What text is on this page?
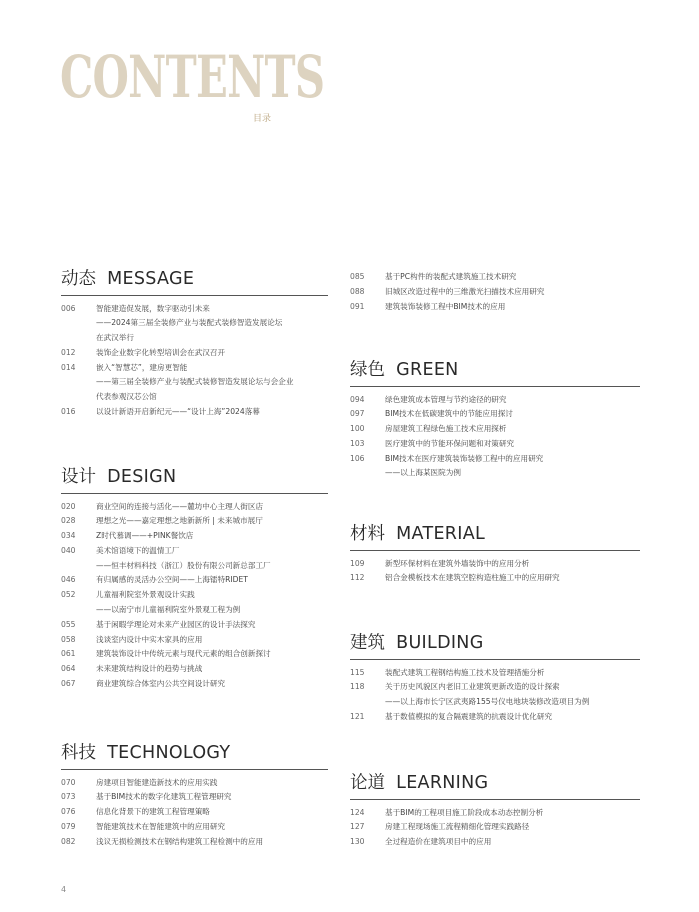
CONTENTS
目录
动态 MESSAGE
006	智能建造促发展，数字驱动引未来
——2024第三届全装修产业与装配式装修智造发展论坛
在武汉举行
012	装饰企业数字化转型培训会在武汉召开
014	嵌入“智慧芯”，建房更智能
——第三届全装修产业与装配式装修智造发展论坛与会企业
代表参观汉芯公馆
016	以设计新语开启新纪元——“设计上海”2024落幕
设计 DESIGN
020	商业空间的连接与活化——麓坊中心主理人街区店
028	理想之光——嘉定理想之地新新所 | 未来城市展厅
034	Z时代慕调——+PINK餐饮店
040	美术馆语境下的温情工厂
——恒丰材料科技（浙江）股份有限公司新总部工厂
046	有归属感的灵活办公空间——上海镭特RIDET
052	儿童福利院室外景观设计实践
——以南宁市儿童福利院室外景观工程为例
055	基于闲暇学理论对未来产业园区的设计手法探究
058	浅谈室内设计中实木家具的应用
061	建筑装饰设计中传统元素与现代元素的组合创新探讨
064	未来建筑结构设计的趋势与挑战
067	商业建筑综合体室内公共空间设计研究
科技 TECHNOLOGY
070	房建项目智能建造新技术的应用实践
073	基于BIM技术的数字化建筑工程管理研究
076	信息化背景下的建筑工程管理策略
079	智能建筑技术在智能建筑中的应用研究
082	浅议无损检测技术在钢结构建筑工程检测中的应用
085	基于PC构件的装配式建筑施工技术研究
088	旧城区改造过程中的三维激光扫描技术应用研究
091	建筑装饰装修工程中BIM技术的应用
绿色 GREEN
094	绿色建筑成本管理与节约途径的研究
097	BIM技术在低碳建筑中的节能应用探讨
100	房屋建筑工程绿色施工技术应用探析
103	医疗建筑中的节能环保问题和对策研究
106	BIM技术在医疗建筑装饰装修工程中的应用研究
——以上海某医院为例
材料 MATERIAL
109	新型环保材料在建筑外墙装饰中的应用分析
112	铝合金模板技术在建筑空腔构造柱施工中的应用研究
建筑 BUILDING
115	装配式建筑工程钢结构施工技术及管理措施分析
118	关于历史风貌区内老旧工业建筑更新改造的设计探索
——以上海市长宁区武夷路155号仪电地块装修改造项目为例
121	基于数值模拟的复合隔震建筑的抗震设计优化研究
论道 LEARNING
124	基于BIM的工程项目施工阶段成本动态控制分析
127	房建工程现场施工流程精细化管理实践路径
130	全过程造价在建筑项目中的应用
4
